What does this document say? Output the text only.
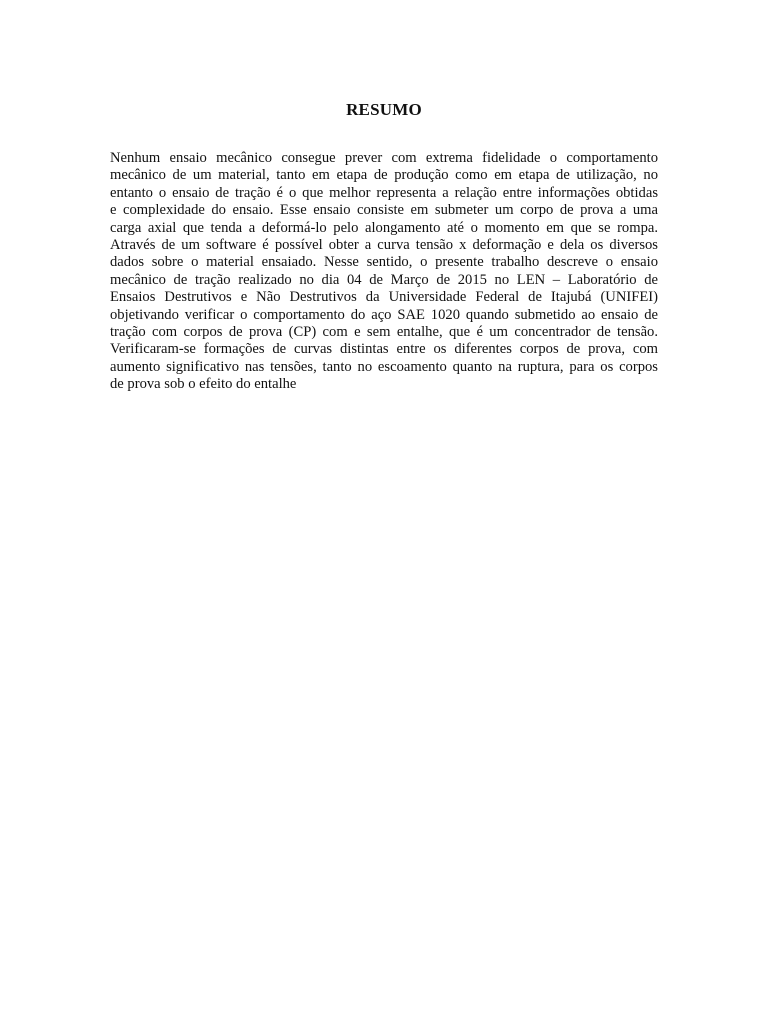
RESUMO
Nenhum ensaio mecânico consegue prever com extrema fidelidade o comportamento
mecânico de um material, tanto em etapa de produção como em etapa de utilização, no
entanto o ensaio de tração é o que melhor representa a relação entre informações obtidas
e complexidade do ensaio. Esse ensaio consiste em submeter um corpo de prova a uma
carga axial que tenda a deformá-lo pelo alongamento até o momento em que se rompa.
Através de um software é possível obter a curva tensão x deformação e dela os diversos
dados sobre o material ensaiado. Nesse sentido, o presente trabalho descreve o ensaio
mecânico de tração realizado no dia 04 de Março de 2015 no LEN – Laboratório de
Ensaios Destrutivos e Não Destrutivos da Universidade Federal de Itajubá (UNIFEI)
objetivando verificar o comportamento do aço SAE 1020 quando submetido ao ensaio de
tração com corpos de prova (CP) com e sem entalhe, que é um concentrador de tensão.
Verificaram-se formações de curvas distintas entre os diferentes corpos de prova, com
aumento significativo nas tensões, tanto no escoamento quanto na ruptura, para os corpos
de prova sob o efeito do entalhe
